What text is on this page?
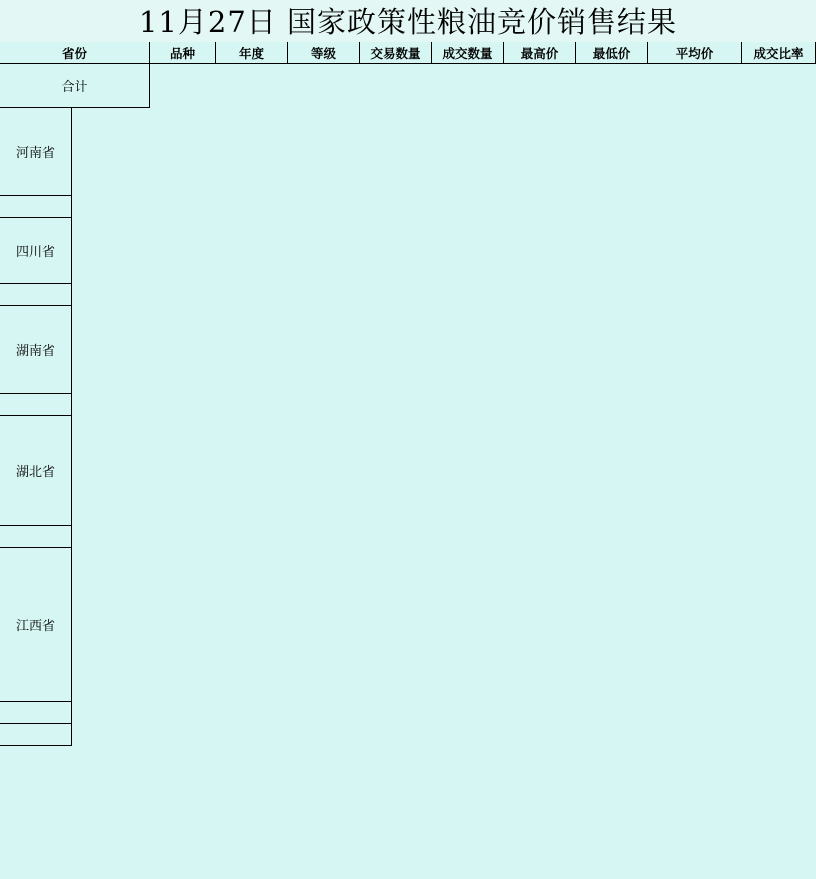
11月27日 国家政策性粮油竞价销售结果
省份	品种	年度	等级	交易数量	成交数量	最高价	最低价	平均价	成交比率
合计
河南省
四川省
湖南省
湖北省
江西省
